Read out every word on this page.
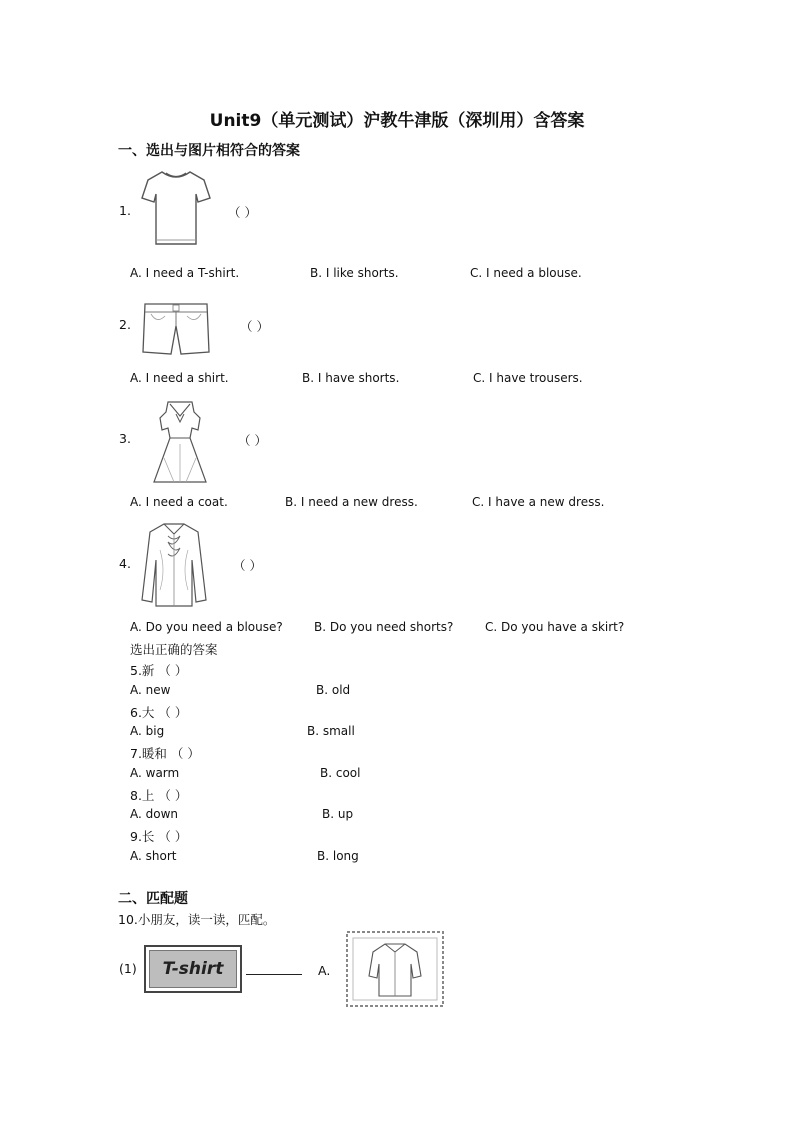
Unit9（单元测试）沪教牛津版（深圳用）含答案
一、选出与图片相符合的答案
1.	（ ）
A. I need a T-shirt.	B. I like shorts.	C. I need a blouse.
2.	（ ）
A. I need a shirt.	B. I have shorts.	C. I have trousers.
3.	（ ）
A. I need a coat.	B. I need a new dress.	C. I have a new dress.
4.	（ ）
A. Do you need a blouse?	B. Do you need shorts?	C. Do you have a skirt?
选出正确的答案
5.新 （ ）
A. new	B. old
6.大 （ ）
A. big	B. small
7.暖和 （ ）
A. warm	B. cool
8.上 （ ）
A. down	B. up
9.长 （ ）
A. short	B. long
二、匹配题
10.小朋友，读一读，匹配。
(1) T-shirt	A.
